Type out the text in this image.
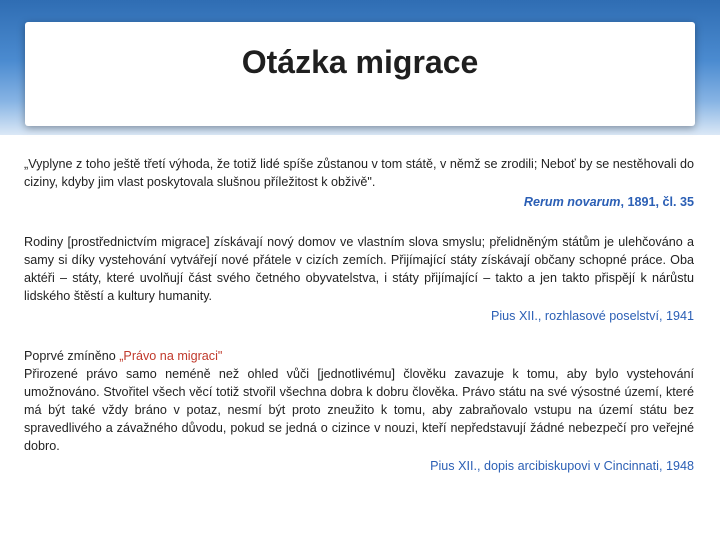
Otázka migrace

„Vyplyne z toho ještě třetí výhoda, že totiž lidé spíše zůstanou v tom státě, v němž se zrodili; Neboť by se nestěhovali do ciziny, kdyby jim vlast poskytovala slušnou příležitost k obživě".

Rerum novarum, 1891, čl. 35

Rodiny [prostřednictvím migrace] získávají nový domov ve vlastním slova smyslu; přelidněným státům je ulehčováno a samy si díky vystehování vytvářejí nové přátele v cizích zemích. Přijímající státy získávají občany schopné práce. Oba aktéři – státy, které uvolňují část svého četného obyvatelstva, i státy přijímající – takto a jen takto přispějí k nárůstu lidského štěstí a kultury humanity.

Pius XII., rozhlasové poselství, 1941

Poprvé zmíněno „Právo na migraci"

Přirozené právo samo neméně než ohled vůči [jednotlivému] člověku zavazuje k tomu, aby bylo vystehování umožnováno. Stvořitel všech věcí totiž stvořil všechna dobra k dobru člověka. Právo státu na své výsostné území, které má být také vždy bráno v potaz, nesmí být proto zneužito k tomu, aby zabraňovalo vstupu na území státu bez spravedlivého a závažného důvodu, pokud se jedná o cizince v nouzi, kteří nepředstavují žádné nebezpečí pro veřejné dobro.

Pius XII., dopis arcibiskupovi v Cincinnati, 1948
